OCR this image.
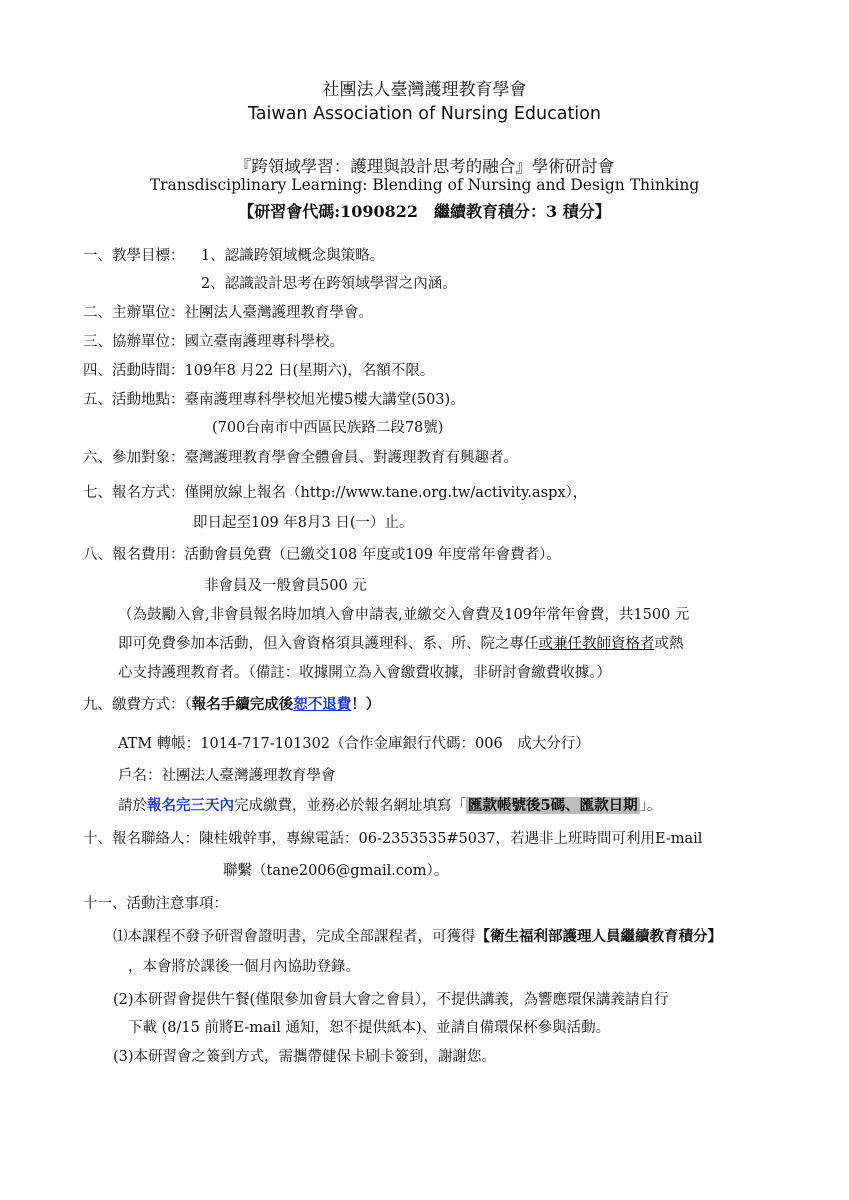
社團法人臺灣護理教育學會
Taiwan Association of Nursing Education
『跨領域學習：護理與設計思考的融合』學術研討會
Transdisciplinary Learning: Blending of Nursing and Design Thinking
【研習會代碼:1090822　繼續教育積分：3 積分】
一、教學目標： 1、認識跨領域概念與策略。
2、認識設計思考在跨領域學習之內涵。
二、主辦單位：社團法人臺灣護理教育學會。
三、協辦單位：國立臺南護理專科學校。
四、活動時間：109年8 月22 日(星期六)，名額不限。
五、活動地點：臺南護理專科學校旭光樓5樓大講堂(503)。
(700台南市中西區民族路二段78號)
六、參加對象：臺灣護理教育學會全體會員、對護理教育有興趣者。
七、報名方式：僅開放線上報名（http://www.tane.org.tw/activity.aspx），
即日起至109 年8月3 日(一）止。
八、報名費用：活動會員免費（已繳交108 年度或109 年度常年會費者）。
非會員及一般會員500 元
（為鼓勵入會,非會員報名時加填入會申請表,並繳交入會費及109年常年會費，共1500 元
即可免費參加本活動，但入會資格須具護理科、系、所、院之專任或兼任教師資格者或熱
心支持護理教育者。（備註：收據開立為入會繳費收據，非研討會繳費收據。）
九、繳費方式：（報名手續完成後恕不退費！）
ATM 轉帳：1014-717-101302（合作金庫銀行代碼：006　成大分行）
戶名：社團法人臺灣護理教育學會
請於報名完三天內完成繳費，並務必於報名網址填寫「 匯款帳號後5碼、匯款日期 」。
十、報名聯絡人：陳桂娥幹事，專線電話：06-2353535#5037，若遇非上班時間可利用E-mail
聯繫（tane2006@gmail.com）。
十一、活動注意事項：
⑴本課程不發予研習會證明書，完成全部課程者，可獲得【衛生福利部護理人員繼續教育積分】
，本會將於課後一個月內協助登錄。
(2)本研習會提供午餐(僅限參加會員大會之會員），不提供講義，為響應環保講義請自行
下載 (8/15 前將E-mail 通知，恕不提供紙本)、並請自備環保杯參與活動。
(3)本研習會之簽到方式，需攜帶健保卡刷卡簽到，謝謝您。
